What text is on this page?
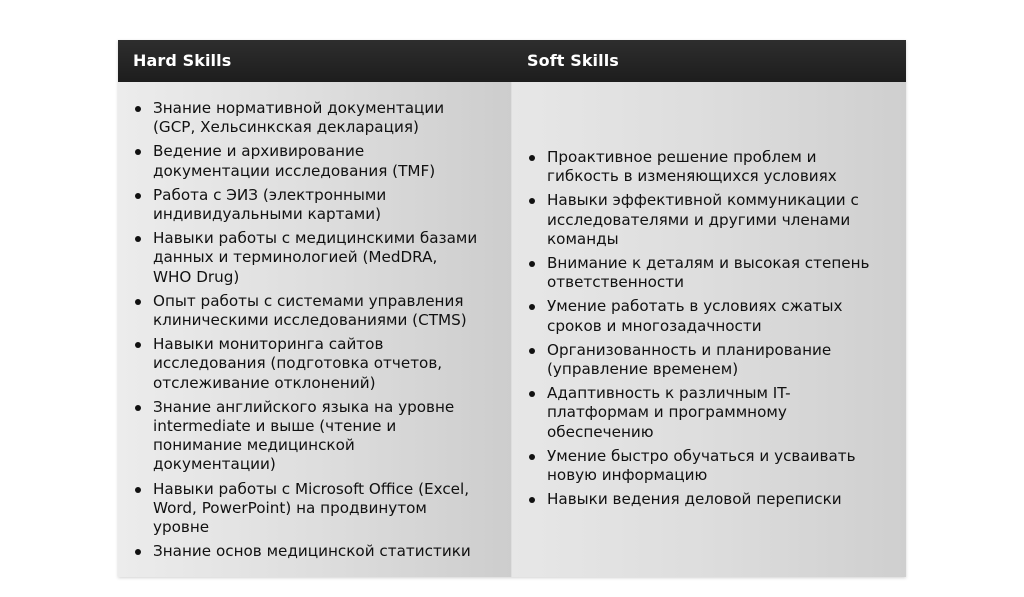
Hard Skills	Soft Skills
Знание нормативной документации
(GCP, Хельсинкская декларация)
Ведение и архивирование
документации исследования (TMF)
Работа с ЭИЗ (электронными
индивидуальными картами)
Навыки работы с медицинскими базами
данных и терминологией (MedDRA,
WHO Drug)
Опыт работы с системами управления
клиническими исследованиями (CTMS)
Навыки мониторинга сайтов
исследования (подготовка отчетов,
отслеживание отклонений)
Знание английского языка на уровне
intermediate и выше (чтение и
понимание медицинской
документации)
Навыки работы с Microsoft Office (Excel,
Word, PowerPoint) на продвинутом
уровне
Знание основ медицинской статистики
Проактивное решение проблем и
гибкость в изменяющихся условиях
Навыки эффективной коммуникации с
исследователями и другими членами
команды
Внимание к деталям и высокая степень
ответственности
Умение работать в условиях сжатых
сроков и многозадачности
Организованность и планирование
(управление временем)
Адаптивность к различным IT-
платформам и программному
обеспечению
Умение быстро обучаться и усваивать
новую информацию
Навыки ведения деловой переписки
